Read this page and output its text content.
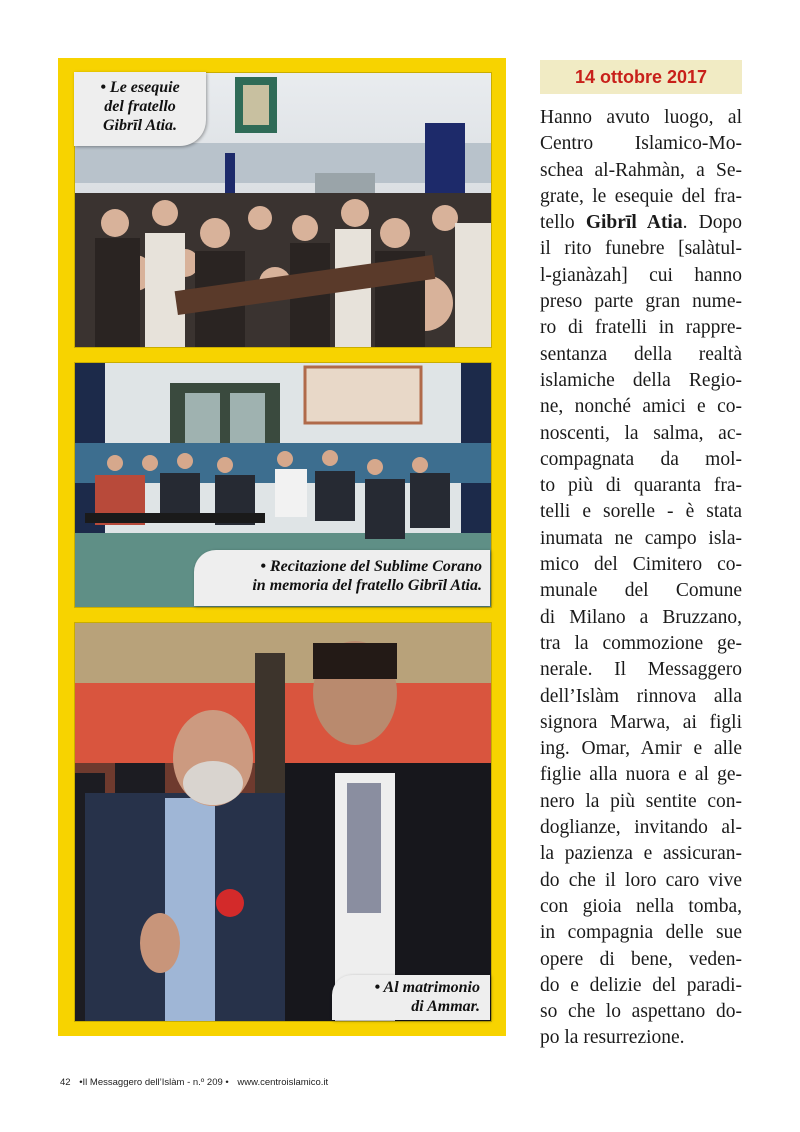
• Le esequie
del fratello
Gibrīl Atia.
• Recitazione del Sublime Corano
in memoria del fratello Gibrīl Atia.
• Al matrimonio
di Ammar.
14 ottobre 2017
Hanno avuto luogo, al
Centro Islamico-Mo-
schea al-Rahmàn, a Se-
grate, le esequie del fra-
tello Gibrīl Atia. Dopo
il rito funebre [salàtul-
l-gianàzah] cui hanno
preso parte gran nume-
ro di fratelli in rappre-
sentanza della realtà
islamiche della Regio-
ne, nonché amici e co-
noscenti, la salma, ac-
compagnata da mol-
to più di quaranta fra-
telli e sorelle - è stata
inumata ne campo isla-
mico del Cimitero co-
munale del Comune
di Milano a Bruzzano,
tra la commozione ge-
nerale. Il Messaggero
dell’Islàm rinnova alla
signora Marwa, ai figli
ing. Omar, Amir e alle
figlie alla nuora e al ge-
nero la più sentite con-
doglianze, invitando al-
la pazienza e assicuran-
do che il loro caro vive
con gioia nella tomba,
in compagnia delle sue
opere di bene, veden-
do e delizie del paradi-
so che lo aspettano do-
po la resurrezione.
42 •Il Messaggero dell’Islàm - n.º 209 • www.centroislamico.it
